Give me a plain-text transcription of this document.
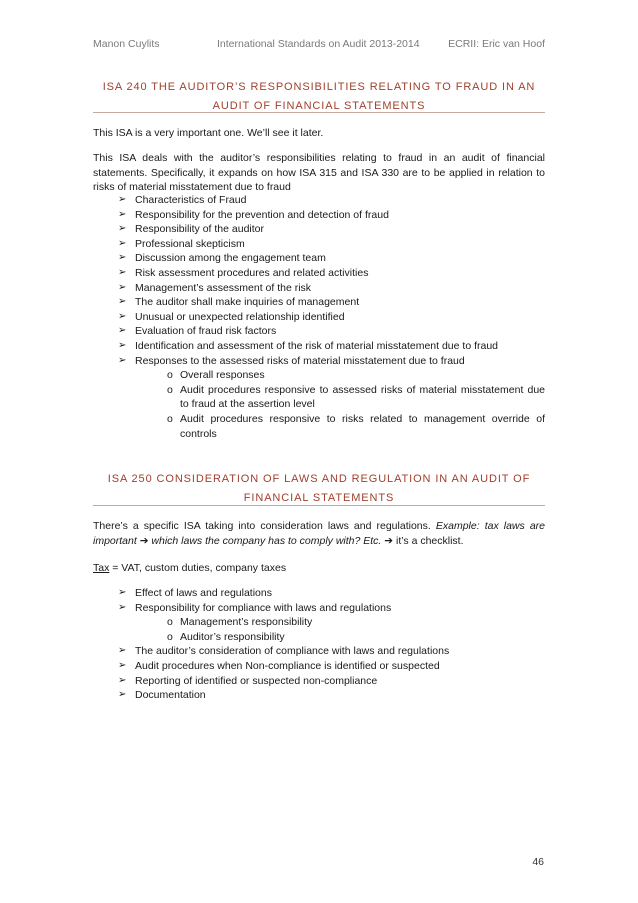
Manon Cuylits	International Standards on Audit 2013-2014	ECRII: Eric van Hoof
ISA 240 THE AUDITOR’S RESPONSIBILITIES RELATING TO FRAUD IN AN
AUDIT OF FINANCIAL STATEMENTS
This ISA is a very important one. We’ll see it later.
This ISA deals with the auditor’s responsibilities relating to fraud in an audit of financial statements. Specifically, it expands on how ISA 315 and ISA 330 are to be applied in relation to risks of material misstatement due to fraud
➢ Characteristics of Fraud
➢ Responsibility for the prevention and detection of fraud
➢ Responsibility of the auditor
➢ Professional skepticism
➢ Discussion among the engagement team
➢ Risk assessment procedures and related activities
➢ Management’s assessment of the risk
➢ The auditor shall make inquiries of management
➢ Unusual or unexpected relationship identified
➢ Evaluation of fraud risk factors
➢ Identification and assessment of the risk of material misstatement due to fraud
➢ Responses to the assessed risks of material misstatement due to fraud
o Overall responses
o Audit procedures responsive to assessed risks of material misstatement due to fraud at the assertion level
o Audit procedures responsive to risks related to management override of controls
ISA 250 CONSIDERATION OF LAWS AND REGULATION IN AN AUDIT OF
FINANCIAL STATEMENTS
There’s a specific ISA taking into consideration laws and regulations. Example: tax laws are important ➔ which laws the company has to comply with? Etc. ➔ it’s a checklist.
Tax = VAT, custom duties, company taxes
➢ Effect of laws and regulations
➢ Responsibility for compliance with laws and regulations
o Management’s responsibility
o Auditor’s responsibility
➢ The auditor’s consideration of compliance with laws and regulations
➢ Audit procedures when Non-compliance is identified or suspected
➢ Reporting of identified or suspected non-compliance
➢ Documentation
46
